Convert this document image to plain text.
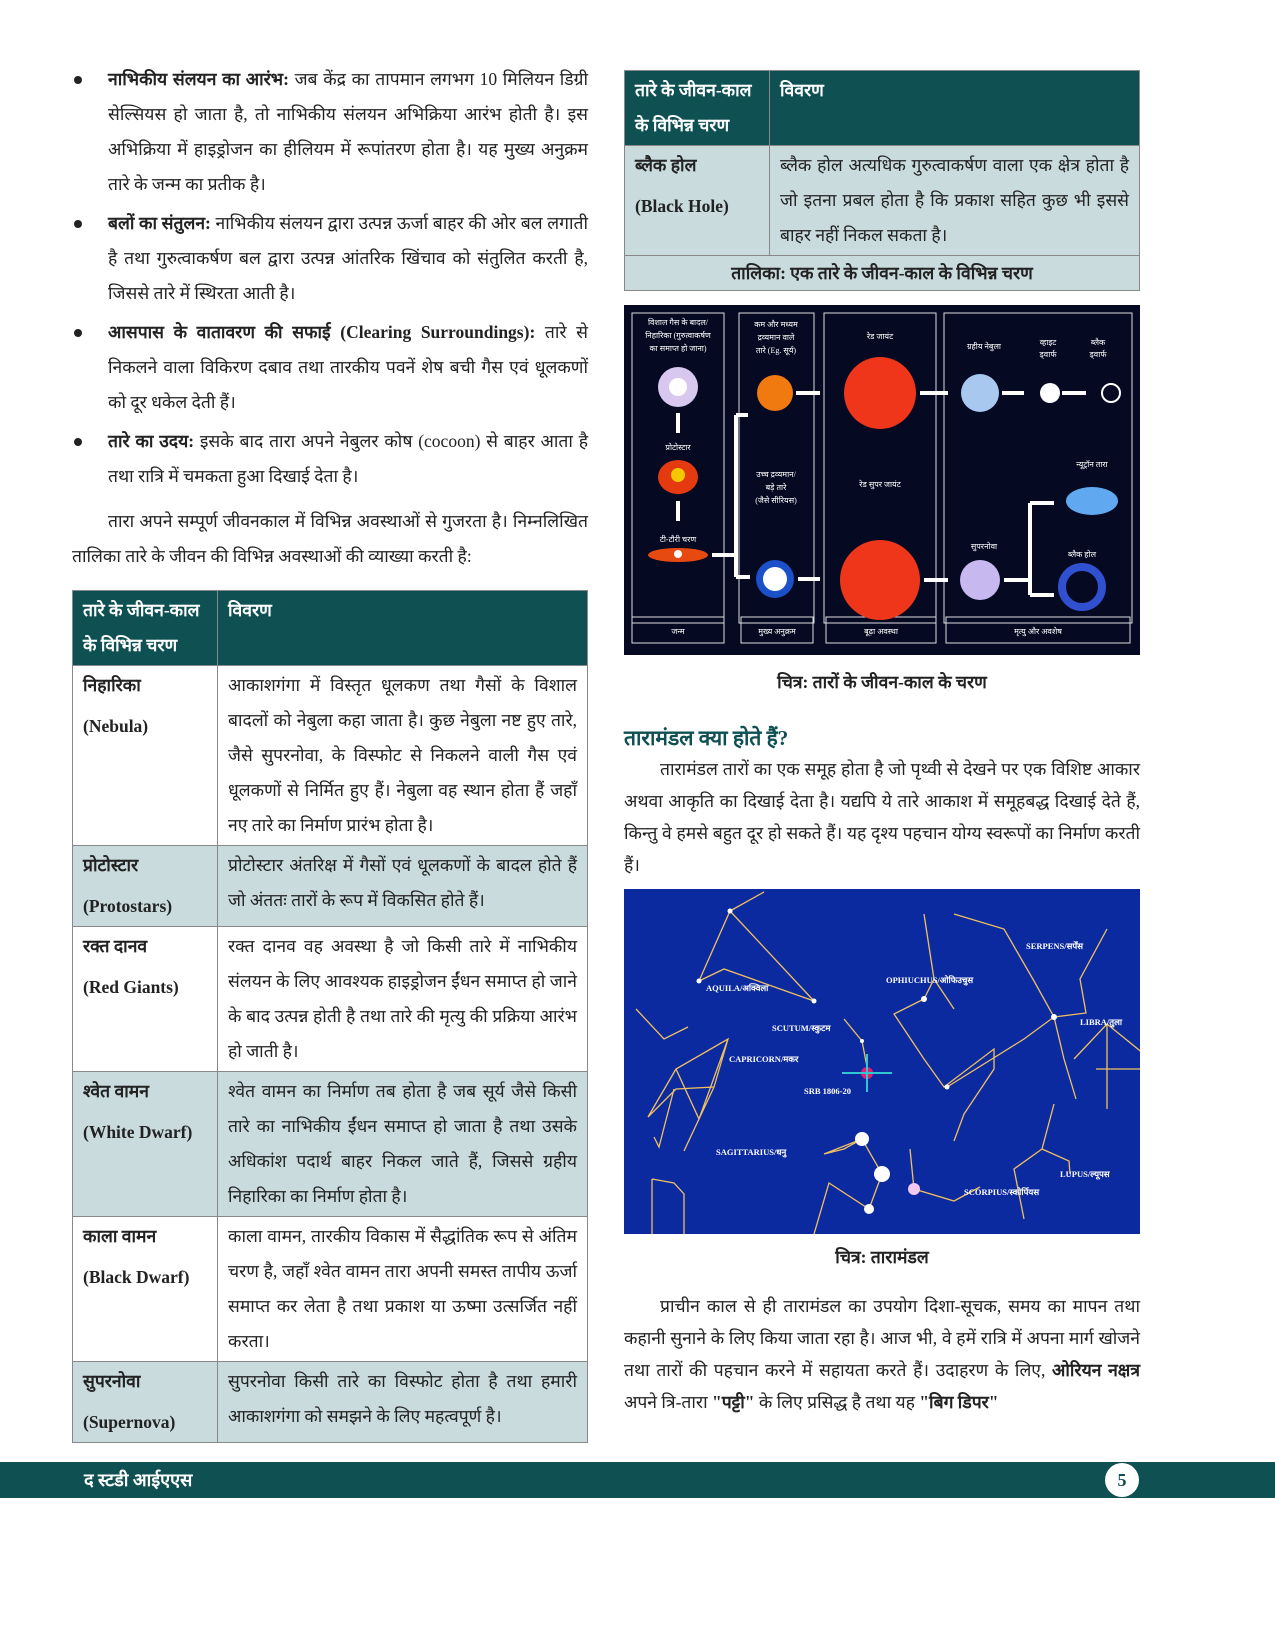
नाभिकीय संलयन का आरंभ: जब केंद्र का तापमान लगभग 10 मिलियन डिग्री सेल्सियस हो जाता है, तो नाभिकीय संलयन अभिक्रिया आरंभ होती है। इस अभिक्रिया में हाइड्रोजन का हीलियम में रूपांतरण होता है। यह मुख्य अनुक्रम तारे के जन्म का प्रतीक है।
बलों का संतुलन: नाभिकीय संलयन द्वारा उत्पन्न ऊर्जा बाहर की ओर बल लगाती है तथा गुरुत्वाकर्षण बल द्वारा उत्पन्न आंतरिक खिंचाव को संतुलित करती है, जिससे तारे में स्थिरता आती है।
आसपास के वातावरण की सफाई (Clearing Surroundings): तारे से निकलने वाला विकिरण दबाव तथा तारकीय पवनें शेष बची गैस एवं धूलकणों को दूर धकेल देती हैं।
तारे का उदय: इसके बाद तारा अपने नेबुलर कोष (cocoon) से बाहर आता है तथा रात्रि में चमकता हुआ दिखाई देता है।

तारा अपने सम्पूर्ण जीवनकाल में विभिन्न अवस्थाओं से गुजरता है। निम्नलिखित तालिका तारे के जीवन की विभिन्न अवस्थाओं की व्याख्या करती है:

तारे के जीवन-काल के विभिन्न चरण	विवरण

निहारिका
(Nebula)	आकाशगंगा में विस्तृत धूलकण तथा गैसों के विशाल बादलों को नेबुला कहा जाता है। कुछ नेबुला नष्ट हुए तारे, जैसे सुपरनोवा, के विस्फोट से निकलने वाली गैस एवं धूलकणों से निर्मित हुए हैं। नेबुला वह स्थान होता हैं जहाँ नए तारे का निर्माण प्रारंभ होता है।

प्रोटोस्टार
(Protostars)	प्रोटोस्टार अंतरिक्ष में गैसों एवं धूलकणों के बादल होते हैं जो अंततः तारों के रूप में विकसित होते हैं।

रक्त दानव
(Red Giants)	रक्त दानव वह अवस्था है जो किसी तारे में नाभिकीय संलयन के लिए आवश्यक हाइड्रोजन ईंधन समाप्त हो जाने के बाद उत्पन्न होती है तथा तारे की मृत्यु की प्रक्रिया आरंभ हो जाती है।

श्वेत वामन
(White Dwarf)	श्वेत वामन का निर्माण तब होता है जब सूर्य जैसे किसी तारे का नाभिकीय ईंधन समाप्त हो जाता है तथा उसके अधिकांश पदार्थ बाहर निकल जाते हैं, जिससे ग्रहीय निहारिका का निर्माण होता है।

काला वामन
(Black Dwarf)	काला वामन, तारकीय विकास में सैद्धांतिक रूप से अंतिम चरण है, जहाँ श्वेत वामन तारा अपनी समस्त तापीय ऊर्जा समाप्त कर लेता है तथा प्रकाश या ऊष्मा उत्सर्जित नहीं करता।

सुपरनोवा
(Supernova)	सुपरनोवा किसी तारे का विस्फोट होता है तथा हमारी आकाशगंगा को समझने के लिए महत्वपूर्ण है।
तारे के जीवन-काल के विभिन्न चरण	विवरण

ब्लैक होल
(Black Hole)	ब्लैक होल अत्यधिक गुरुत्वाकर्षण वाला एक क्षेत्र होता है जो इतना प्रबल होता है कि प्रकाश सहित कुछ भी इससे बाहर नहीं निकल सकता है।
तालिका: एक तारे के जीवन-काल के विभिन्न चरण
विशाल गैस के बादल/
निहारिका (गुरुत्वाकर्षण
का समाप्त हो जाना)
प्रोटोस्टार
टी-टौरी चरण
कम और मध्यम
द्रव्यमान वाले
तारे (Eg. सूर्य)
उच्च द्रव्यमान/
बड़े तारे
(जैसे सीरियस)
रेड जायंट
रेड सुपर जायंट
ग्रहीय नेबुला	व्हाइट
ड्वार्फ
ब्लैक
ड्वार्फ
न्यूट्रॉन तारा
सुपरनोवा
ब्लैक होल
जन्म	मुख्य अनुक्रम	बूढ़ा अवस्था	मृत्यु और अवशेष
चित्र: तारों के जीवन-काल के चरण
तारामंडल क्या होते हैं?

तारामंडल तारों का एक समूह होता है जो पृथ्वी से देखने पर एक विशिष्ट आकार अथवा आकृति का दिखाई देता है। यद्यपि ये तारे आकाश में समूहबद्ध दिखाई देते हैं, किन्तु वे हमसे बहुत दूर हो सकते हैं। यह दृश्य पहचान योग्य स्वरूपों का निर्माण करती हैं।

AQUILA/अक्विला
OPHIUCHUS/ओफिउचुस
SERPENS/सर्पेंस
SCUTUM/स्कुटम
LIBRA/तुला
CAPRICORN/मकर
SRB 1806-20
SAGITTARIUS/धनु
LUPUS/ल्यूपस
SCORPIUS/स्कोर्पियस
चित्र: तारामंडल

प्राचीन काल से ही तारामंडल का उपयोग दिशा-सूचक, समय का मापन तथा कहानी सुनाने के लिए किया जाता रहा है। आज भी, वे हमें रात्रि में अपना मार्ग खोजने तथा तारों की पहचान करने में सहायता करते हैं। उदाहरण के लिए, ओरियन नक्षत्र अपने त्रि-तारा "पट्टी" के लिए प्रसिद्ध है तथा यह "बिग डिपर"

द स्टडी आईएएस	5
